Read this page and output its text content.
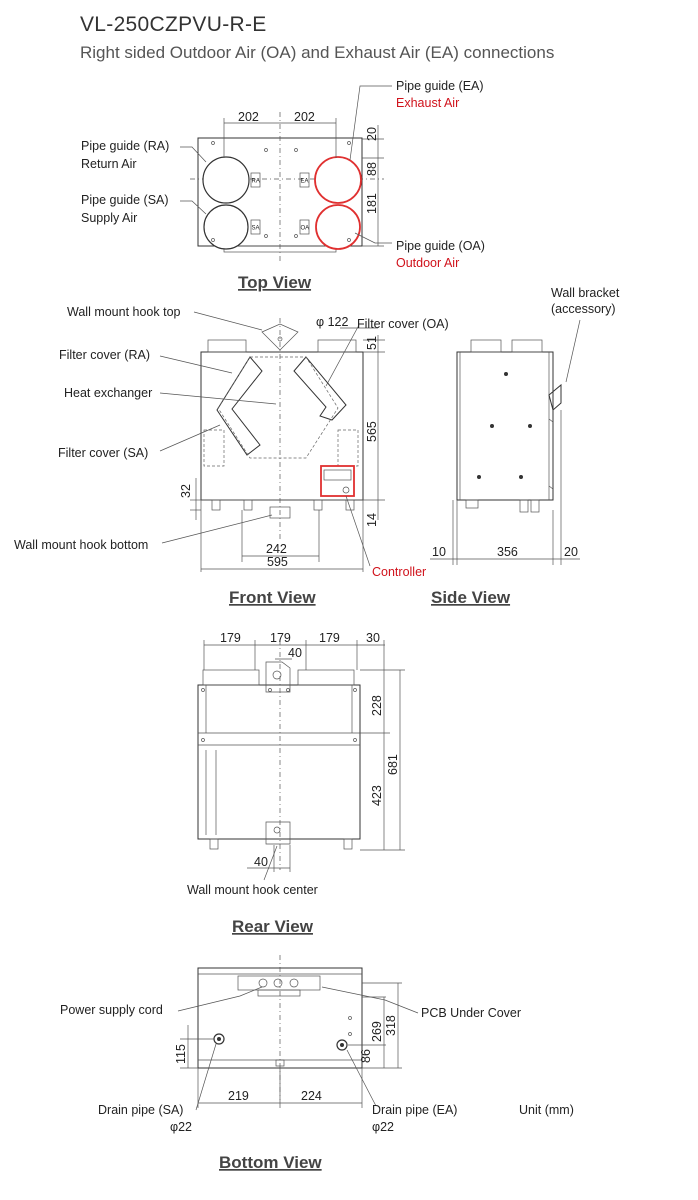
VL-250CZPVU-R-E
Right sided Outdoor Air (OA) and Exhaust Air (EA) connections
RA	EA
SA	OA
202	202
20
88
181
Pipe guide (EA)
Exhaust Air
Pipe guide (RA)
Return Air
Pipe guide (SA)
Supply Air
Pipe guide (OA)
Outdoor Air
Top View
φ 122
51
565
14
32
242
595
Wall mount hook top
Filter cover (OA)
Filter cover (RA)
Heat exchanger
Filter cover (SA)
Wall mount hook bottom
Controller
Front View
10	356	20
Wall bracket
(accessory)
Side View
179 179 179 30
40
228
681
423
40
Wall mount hook center
Rear View
115
269 318
86
219	224
Power supply cord	PCB Under Cover
Drain pipe (SA)
φ22
Drain pipe (EA)
φ22
Unit (mm)
Bottom View
